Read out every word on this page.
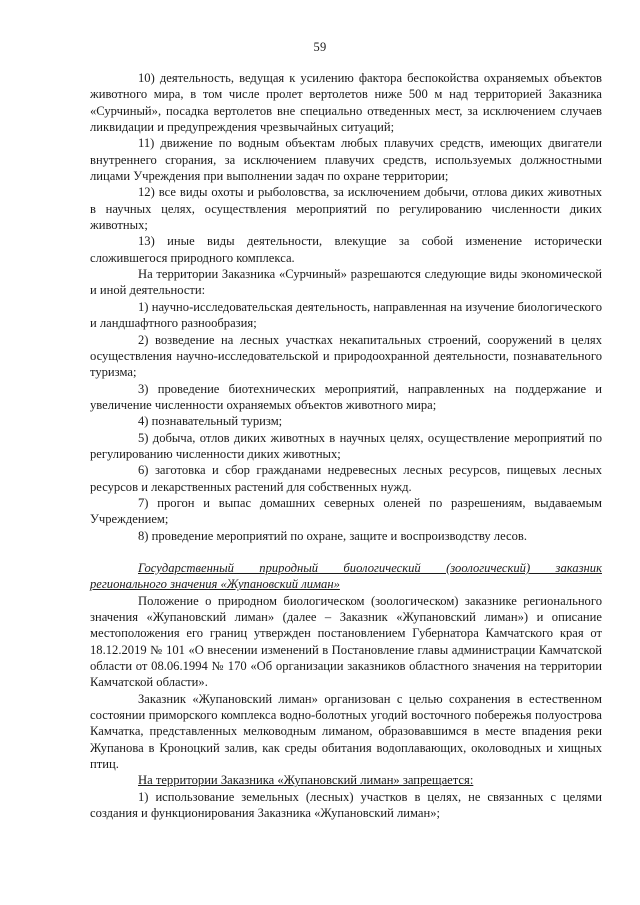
59

10) деятельность, ведущая к усилению фактора беспокойства охраняемых объектов животного мира, в том числе пролет вертолетов ниже 500 м над территорией Заказника «Сурчиный», посадка вертолетов вне специально отведенных мест, за исключением случаев ликвидации и предупреждения чрезвычайных ситуаций;

11) движение по водным объектам любых плавучих средств, имеющих двигатели внутреннего сгорания, за исключением плавучих средств, используемых должностными лицами Учреждения при выполнении задач по охране территории;

12) все виды охоты и рыболовства, за исключением добычи, отлова диких животных в научных целях, осуществления мероприятий по регулированию численности диких животных;

13) иные виды деятельности, влекущие за собой изменение исторически сложившегося природного комплекса.

На территории Заказника «Сурчиный» разрешаются следующие виды экономической и иной деятельности:

1) научно-исследовательская деятельность, направленная на изучение биологического и ландшафтного разнообразия;

2) возведение на лесных участках некапитальных строений, сооружений в целях осуществления научно-исследовательской и природоохранной деятельности, познавательного туризма;

3) проведение биотехнических мероприятий, направленных на поддержание и увеличение численности охраняемых объектов животного мира;

4) познавательный туризм;

5) добыча, отлов диких животных в научных целях, осуществление мероприятий по регулированию численности диких животных;

6) заготовка и сбор гражданами недревесных лесных ресурсов, пищевых лесных ресурсов и лекарственных растений для собственных нужд.

7) прогон и выпас домашних северных оленей по разрешениям, выдаваемым Учреждением;

8) проведение мероприятий по охране, защите и воспроизводству лесов.

Государственный природный биологический (зоологический) заказник

регионального значения «Жупановский лиман»

Положение о природном биологическом (зоологическом) заказнике регионального значения «Жупановский лиман» (далее – Заказник «Жупановский лиман») и описание местоположения его границ утвержден постановлением Губернатора Камчатского края от 18.12.2019 № 101 «О внесении изменений в Постановление главы администрации Камчатской области от 08.06.1994 № 170 «Об организации заказников областного значения на территории Камчатской области».

Заказник «Жупановский лиман» организован с целью сохранения в естественном состоянии приморского комплекса водно-болотных угодий восточного побережья полуострова Камчатка, представленных мелководным лиманом, образовавшимся в месте впадения реки Жупанова в Кроноцкий залив, как среды обитания водоплавающих, околоводных и хищных птиц.

На территории Заказника «Жупановский лиман» запрещается:

1) использование земельных (лесных) участков в целях, не связанных с целями создания и функционирования Заказника «Жупановский лиман»;
